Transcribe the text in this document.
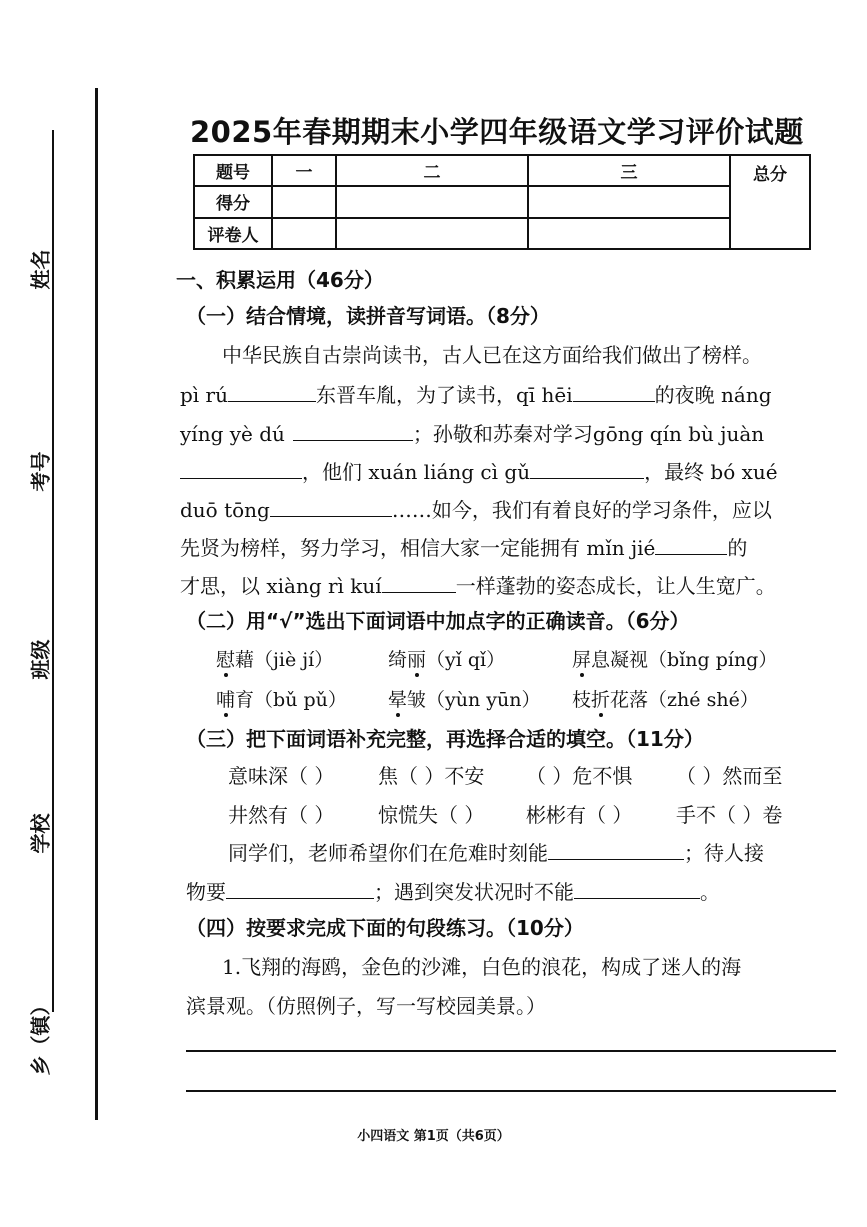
姓名
考号
班级
学校
乡（镇）
2025年春期期末小学四年级语文学习评价试题
题号	一	二	三	总分

得分				
评卷人				
一、积累运用（46分）
（一）结合情境，读拼音写词语。（8分）
中华民族自古崇尚读书，古人已在这方面给我们做出了榜样。
pì rú	东晋车胤，为了读书，qī hēi	的夜晚 náng
yíng yè dú	；孙敬和苏秦对学习gōng qín bù juàn
，他们 xuán liáng cì gǔ	，最终 bó xué
duō tōng	……如今，我们有着良好的学习条件，应以
先贤为榜样，努力学习，相信大家一定能拥有 mǐn jié	的
才思，以 xiàng rì kuí	一样蓬勃的姿态成长，让人生宽广。
（二）用“√”选出下面词语中加点字的正确读音。（6分）
慰藉（jiè jí）	绮丽（yǐ qǐ）	屏息凝视（bǐng píng）
哺育（bǔ pǔ） 晕皱（yùn yūn） 枝折花落（zhé shé）
（三）把下面词语补充完整，再选择合适的填空。（11分）
意味深（ ） 焦（ ）不安 （ ）危不惧 （ ）然而至
井然有（ ） 惊慌失（ ） 彬彬有（ ） 手不（ ）卷
同学们，老师希望你们在危难时刻能	；待人接
物要	；遇到突发状况时不能	。
（四）按要求完成下面的句段练习。（10分）
1.飞翔的海鸥，金色的沙滩，白色的浪花，构成了迷人的海
滨景观。（仿照例子，写一写校园美景。）
小四语文 第1页（共6页）
